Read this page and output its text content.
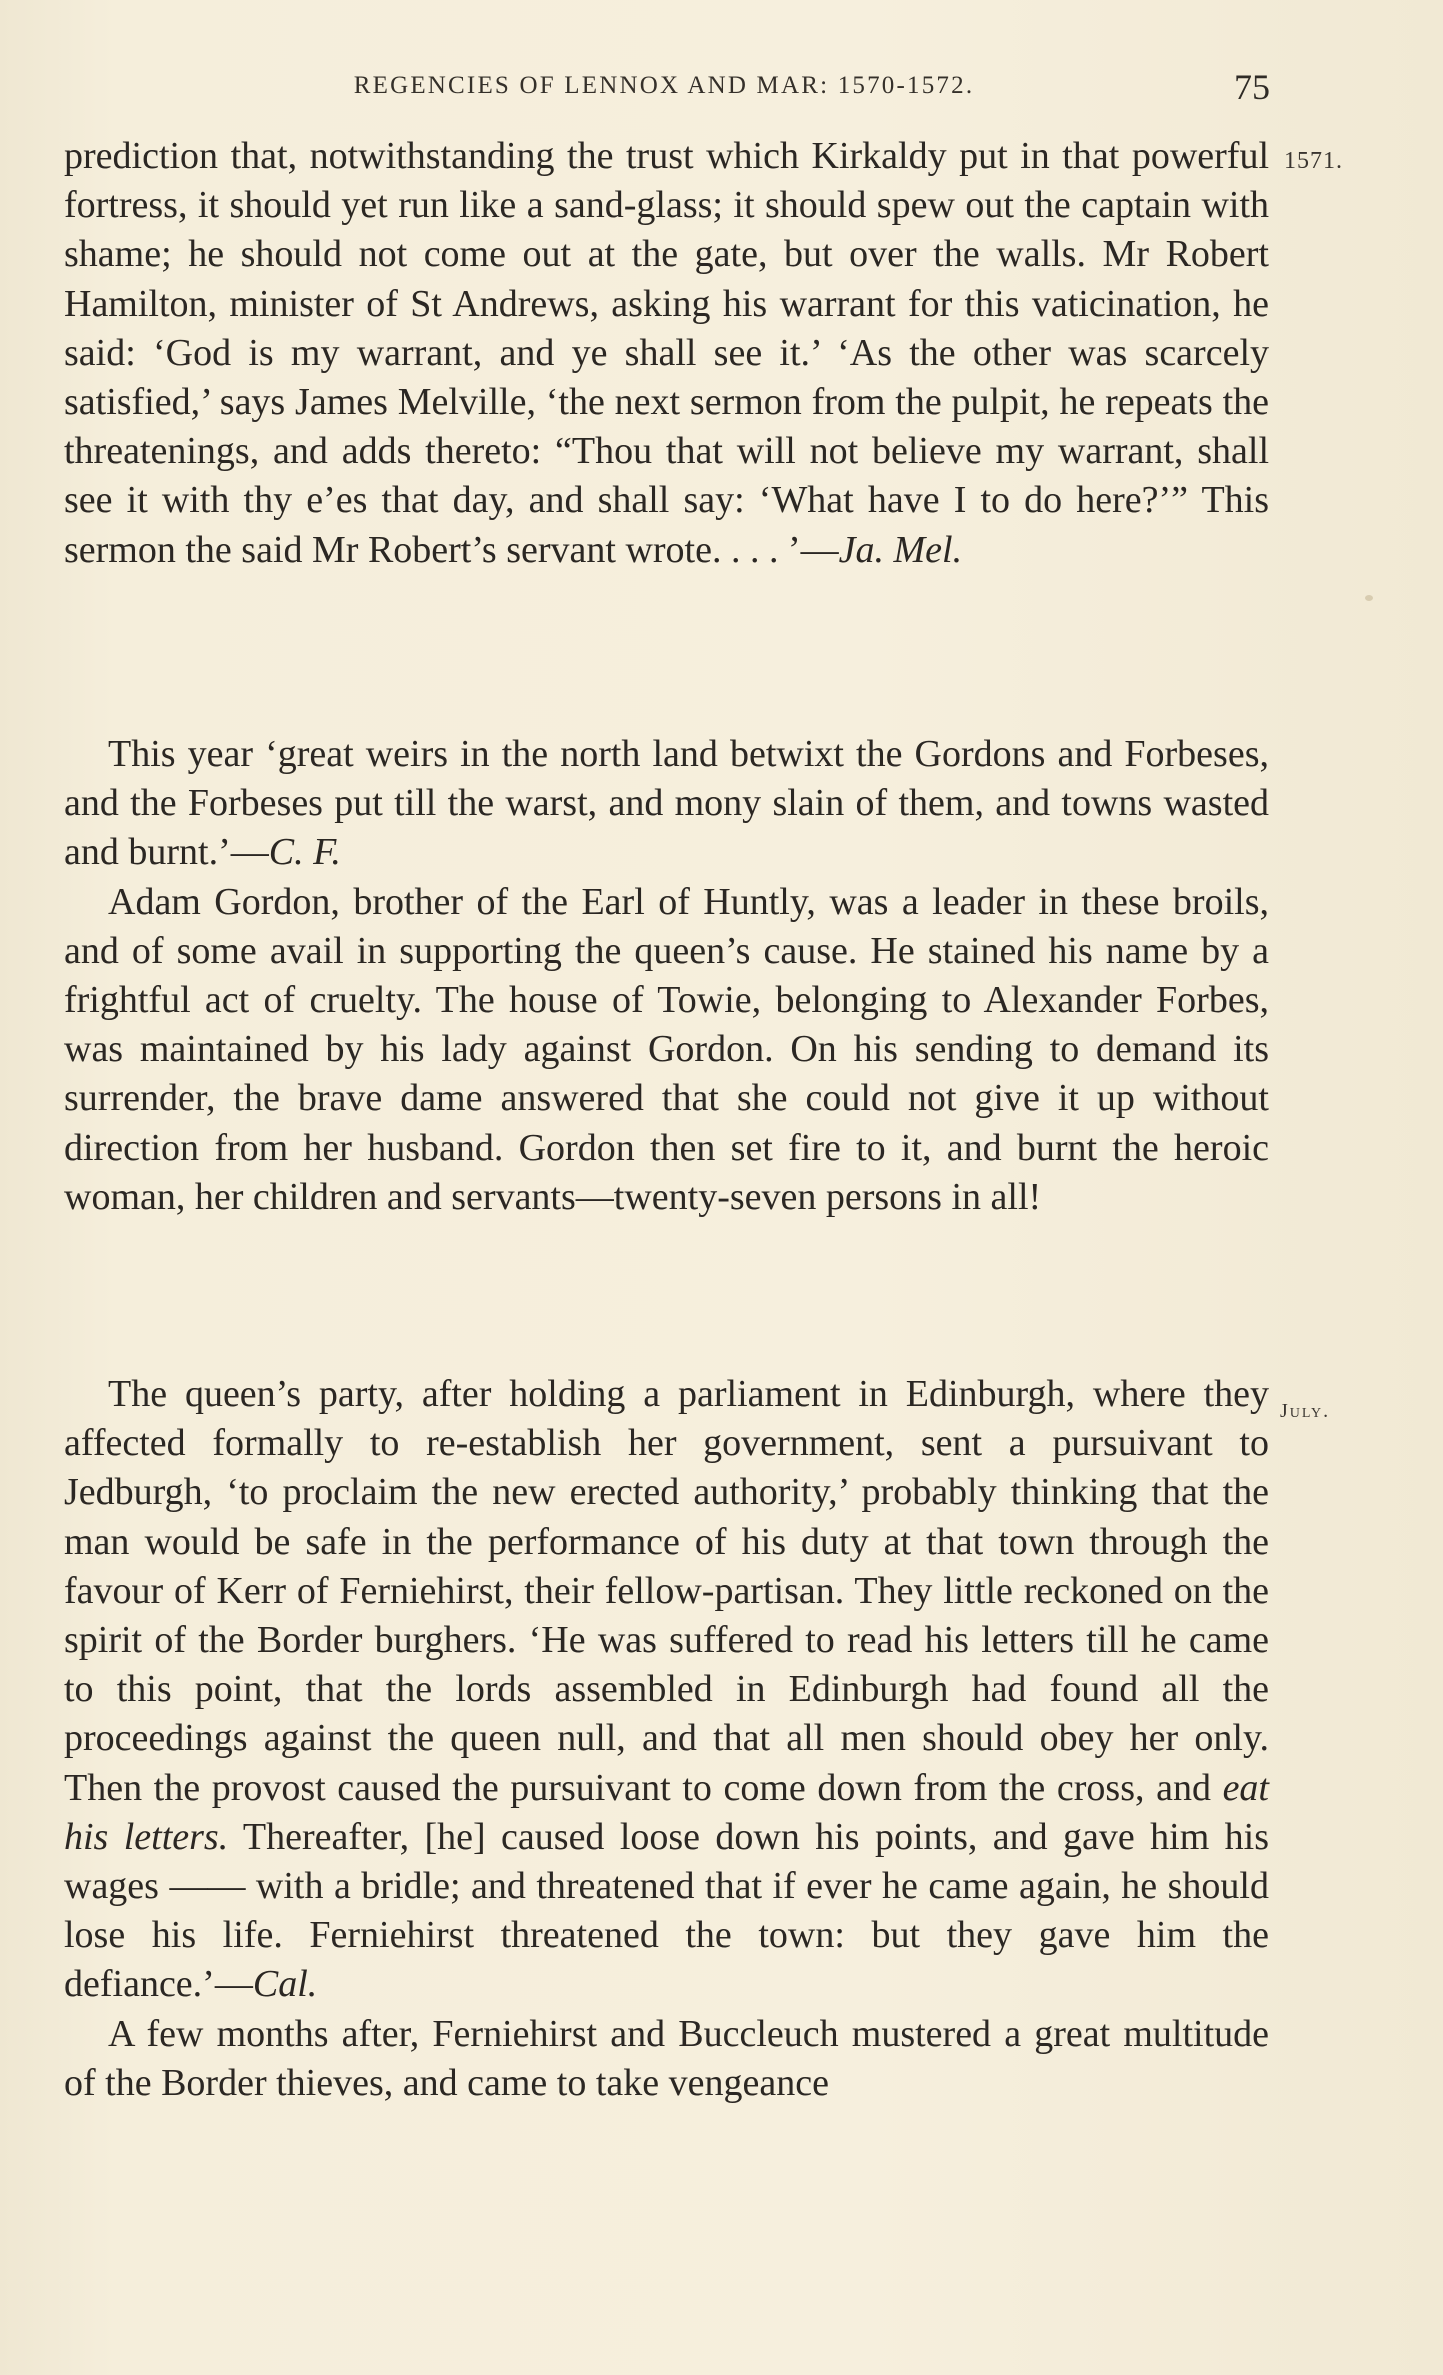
REGENCIES OF LENNOX AND MAR: 1570-1572.	75
1571.
July.

prediction that, notwithstanding the trust which Kirkaldy put in that powerful fortress, it should yet run like a sand-glass; it should spew out the captain with shame; he should not come out at the gate, but over the walls. Mr Robert Hamilton, minister of St Andrews, asking his warrant for this vaticination, he said: ‘God is my warrant, and ye shall see it.’ ‘As the other was scarcely satisfied,’ says James Melville, ‘the next sermon from the pulpit, he repeats the threatenings, and adds thereto: “Thou that will not believe my warrant, shall see it with thy e’es that day, and shall say: ‘What have I to do here?’” This sermon the said Mr Robert’s servant wrote. . . . ’—Ja. Mel.

This year ‘great weirs in the north land betwixt the Gordons and Forbeses, and the Forbeses put till the warst, and mony slain of them, and towns wasted and burnt.’—C. F.

Adam Gordon, brother of the Earl of Huntly, was a leader in these broils, and of some avail in supporting the queen’s cause. He stained his name by a frightful act of cruelty. The house of Towie, belonging to Alexander Forbes, was maintained by his lady against Gordon. On his sending to demand its surrender, the brave dame answered that she could not give it up without direction from her husband. Gordon then set fire to it, and burnt the heroic woman, her children and servants—twenty-seven persons in all!

The queen’s party, after holding a parliament in Edinburgh, where they affected formally to re-establish her government, sent a pursuivant to Jedburgh, ‘to proclaim the new erected authority,’ probably thinking that the man would be safe in the performance of his duty at that town through the favour of Kerr of Ferniehirst, their fellow-partisan. They little reckoned on the spirit of the Border burghers. ‘He was suffered to read his letters till he came to this point, that the lords assembled in Edinburgh had found all the proceedings against the queen null, and that all men should obey her only. Then the provost caused the pursuivant to come down from the cross, and eat his letters. Thereafter, [he] caused loose down his points, and gave him his wages —— with a bridle; and threatened that if ever he came again, he should lose his life. Ferniehirst threatened the town: but they gave him the defiance.’—Cal.

A few months after, Ferniehirst and Buccleuch mustered a great multitude of the Border thieves, and came to take vengeance
